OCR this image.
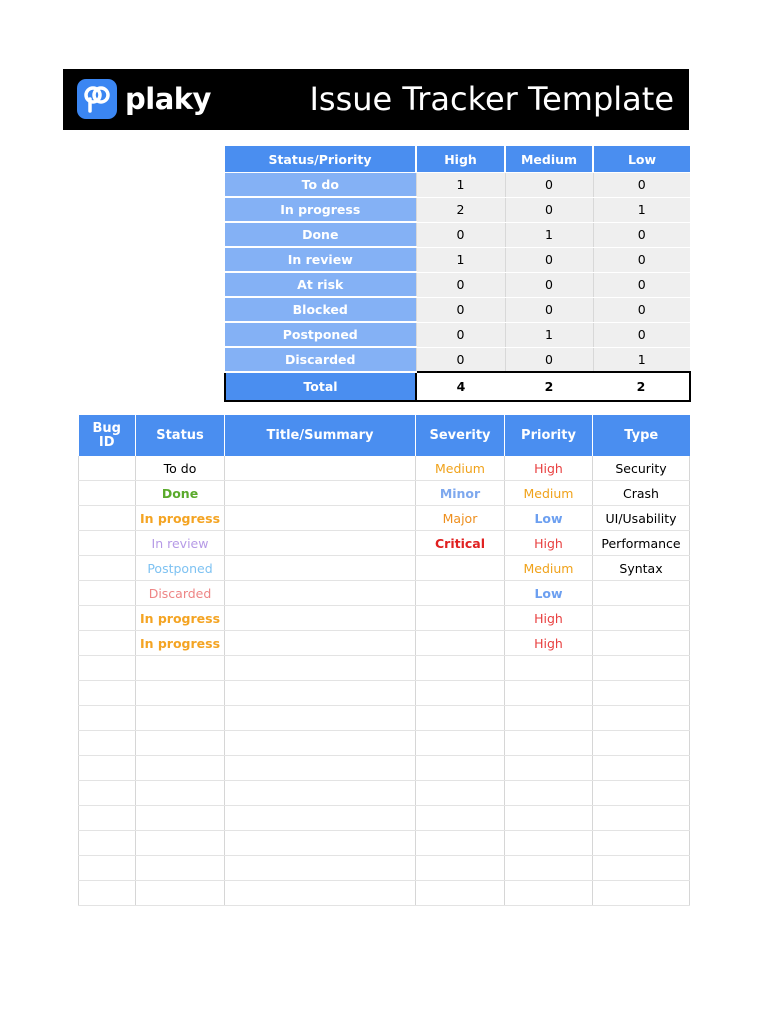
plaky	Issue Tracker Template
Status/Priority	High	Medium	Low
To do	1	0	0
In progress	2	0	1
Done	0	1	0
In review	1	0	0
At risk	0	0	0
Blocked	0	0	0
Postponed	0	1	0
Discarded	0	0	1
Total	4	2	2
Bug ID	Status	Title/Summary	Severity	Priority	Type
	To do		Medium	High	Security
	Done		Minor	Medium	Crash
	In progress		Major	Low	UI/Usability
	In review		Critical	High	Performance
	Postponed			Medium	Syntax
	Discarded			Low	
	In progress			High	
	In progress			High	
